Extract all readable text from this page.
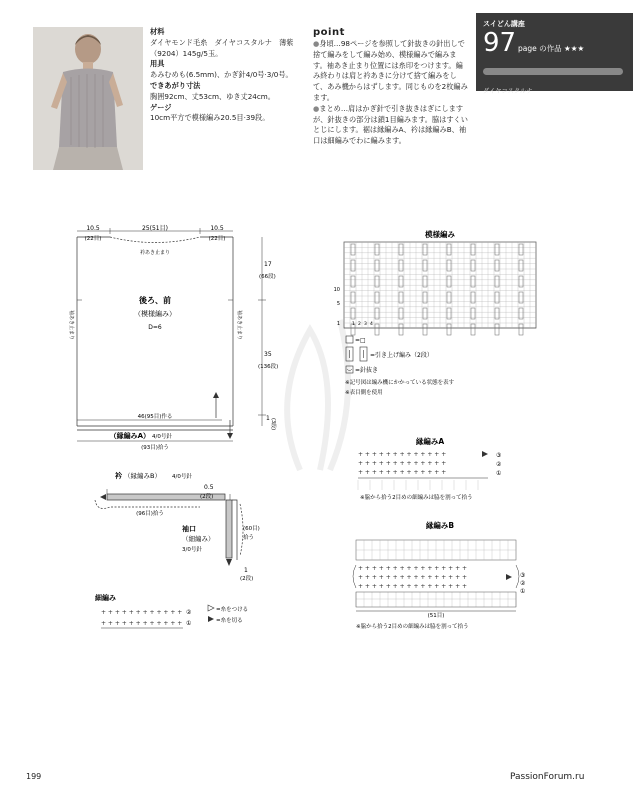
材料
ダイヤモンド毛糸　ダイヤコスタルナ　薄紫（9204）145g/5玉。
用具
あみむめも(6.5mm)、かぎ針4/0号·3/0号。
できあがり寸法
胸囲92cm、丈53cm、ゆき丈24cm。
ゲージ
10cm平方で模様編み20.5目·39段。
point
●身頃…98ページを参照して針抜きの針出しで捨て編みをして編み始め、模様編みで編みます。袖あき止まり位置には糸印をつけます。編み終わりは肩と衿あきに分けて捨て編みをして、あみ機からはずします。同じものを2枚編みます。
●まとめ…肩はかぎ針で引き抜きはぎにしますが、針抜きの部分は鎖1目編みます。脇はすくいとじにします。裾は縁編みA、衿は縁編みB、袖口は細編みでわに編みます。
スイどん講座
97 page の作品 ★★★
ダイヤコスタルナ
10.5
(22目)
25(51目)	10.5
(22目)
衿あき止まり
袖あき止まり	袖あき止まり
17
(66段)
35
(136段)
1 (3段)
後ろ、前
（模様編み）
D=6
46(95目)作る
（縁編みA） 4/0号針
(93目)拾う
衿 （縁編みB） 4/0号針
0.5
(2段)
(96目)拾う
袖口
（細編み）
3/0号針
(60目)
拾う
1
(2段)
細編み
+ + + + + + + + + + + +
+ + + + + + + + + + + +
②
①
=糸をつける
=糸を切る
模様編み
10
5
1	1 2 3 4
=□
=引き上げ編み（2段）
=針抜き
※記号図は編み機にかかっている状態を表す
※表目側を使用
縁編みA
+ + + + + + + + + + + + +
+ + + + + + + + + + + + +
+ + + + + + + + + + + + +
③
②
①
※脇から拾う2目めの細編みは脇を割って拾う
縁編みB
+ + + + + + + + + + + + + + + +
+ + + + + + + + + + + + + + + +
+ + + + + + + + + + + + + + + +
③
②
①
(51目)
※脇から拾う2目めの細編みは脇を割って拾う
199	PassionForum.ru
